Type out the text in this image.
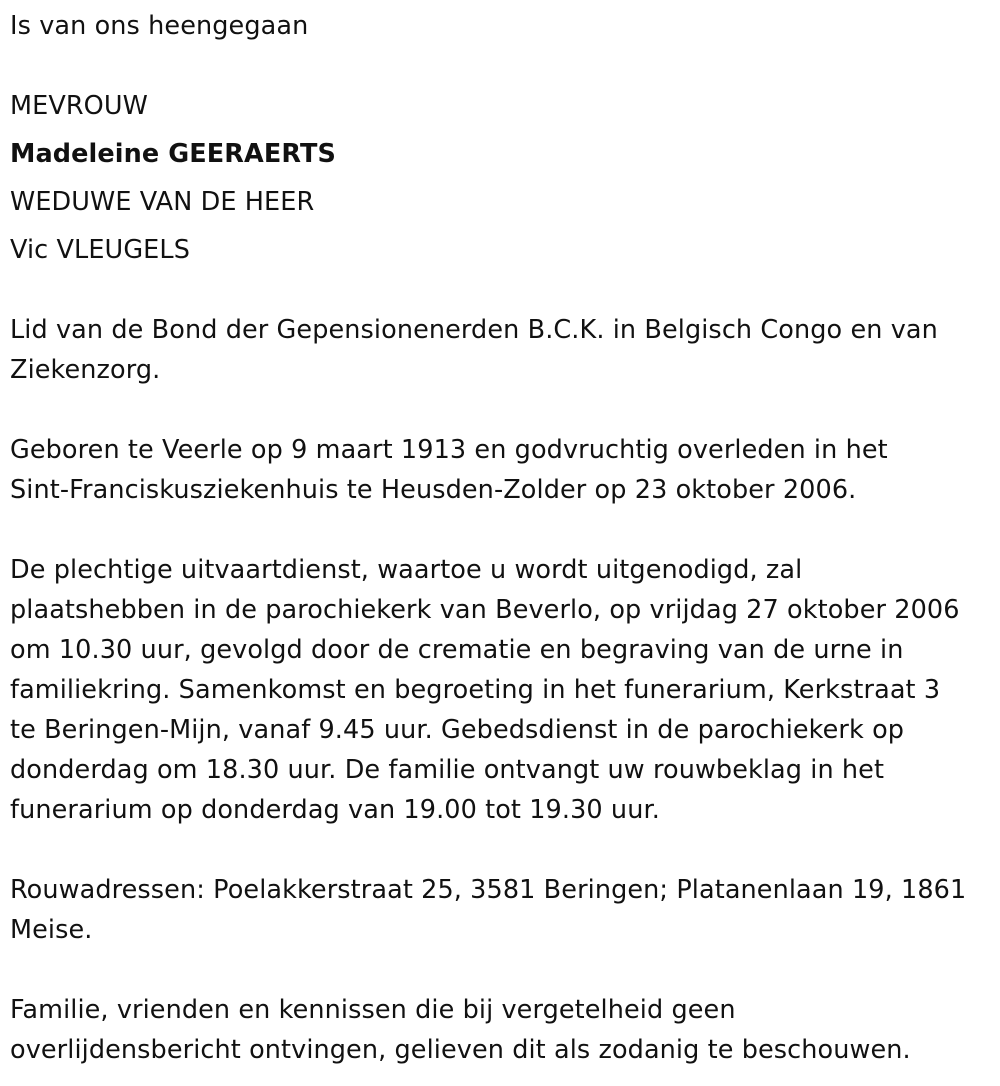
Is van ons heengegaan

MEVROUW

Madeleine GEERAERTS

WEDUWE VAN DE HEER

Vic VLEUGELS

Lid van de Bond der Gepensionenerden B.C.K. in Belgisch Congo en van

Ziekenzorg.

Geboren te Veerle op 9 maart 1913 en godvruchtig overleden in het

Sint-Franciskusziekenhuis te Heusden-Zolder op 23 oktober 2006.

De plechtige uitvaartdienst, waartoe u wordt uitgenodigd, zal

plaatshebben in de parochiekerk van Beverlo, op vrijdag 27 oktober 2006

om 10.30 uur, gevolgd door de crematie en begraving van de urne in

familiekring. Samenkomst en begroeting in het funerarium, Kerkstraat 3

te Beringen-Mijn, vanaf 9.45 uur. Gebedsdienst in de parochiekerk op

donderdag om 18.30 uur. De familie ontvangt uw rouwbeklag in het

funerarium op donderdag van 19.00 tot 19.30 uur.

Rouwadressen: Poelakkerstraat 25, 3581 Beringen; Platanenlaan 19, 1861

Meise.

Familie, vrienden en kennissen die bij vergetelheid geen

overlijdensbericht ontvingen, gelieven dit als zodanig te beschouwen.
